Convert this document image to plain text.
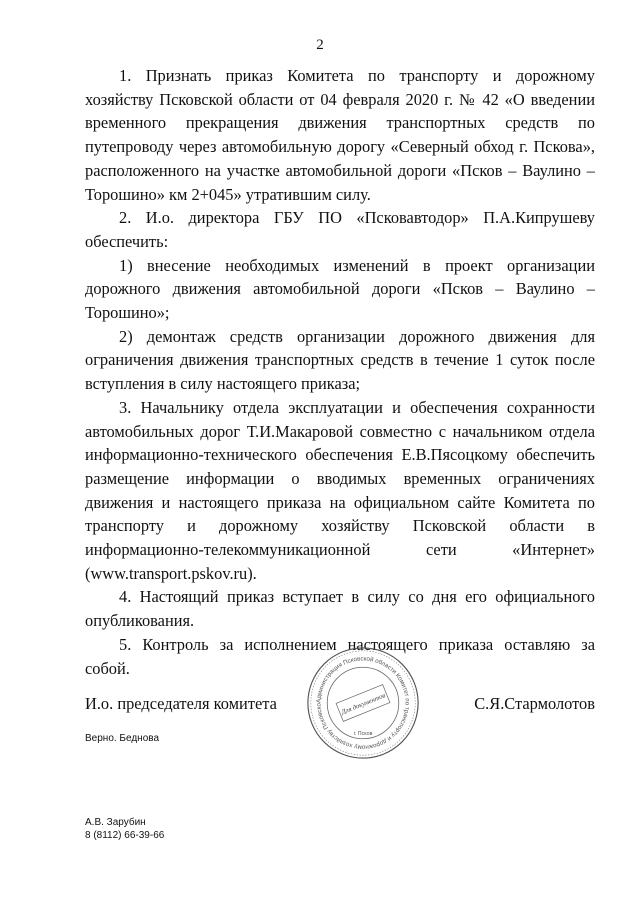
2

1. Признать приказ Комитета по транспорту и дорожному хозяйству Псковской области от 04 февраля 2020 г. № 42 «О введении временного прекращения движения транспортных средств по путепроводу через автомобильную дорогу «Северный обход г. Пскова», расположенного на участке автомобильной дороги «Псков – Ваулино – Торошино» км 2+045» утратившим силу.

2. И.о. директора ГБУ ПО «Псковавтодор» П.А.Кипрушеву обеспечить:

1) внесение необходимых изменений в проект организации дорожного движения автомобильной дороги «Псков – Ваулино – Торошино»;

2) демонтаж средств организации дорожного движения для ограничения движения транспортных средств в течение 1 суток после вступления в силу настоящего приказа;

3. Начальнику отдела эксплуатации и обеспечения сохранности автомобильных дорог Т.И.Макаровой совместно с начальником отдела информационно-технического обеспечения Е.В.Пясоцкому обеспечить размещение информации о вводимых временных ограничениях движения и настоящего приказа на официальном сайте Комитета по транспорту и дорожному хозяйству Псковской области в информационно-телекоммуникационной сети «Интернет» (www.transport.pskov.ru).

4. Настоящий приказ вступает в силу со дня его официального опубликования.

5. Контроль за исполнением настоящего приказа оставляю за собой.

Администрация Псковской области Комитет по транспорту и дорожному хозяйству Псковско	Для документов
г. Псков
И.о. председателя комитета	С.Я.Стармолотов
Верно. Беднова
А.В. Зарубин
8 (8112) 66-39-66
